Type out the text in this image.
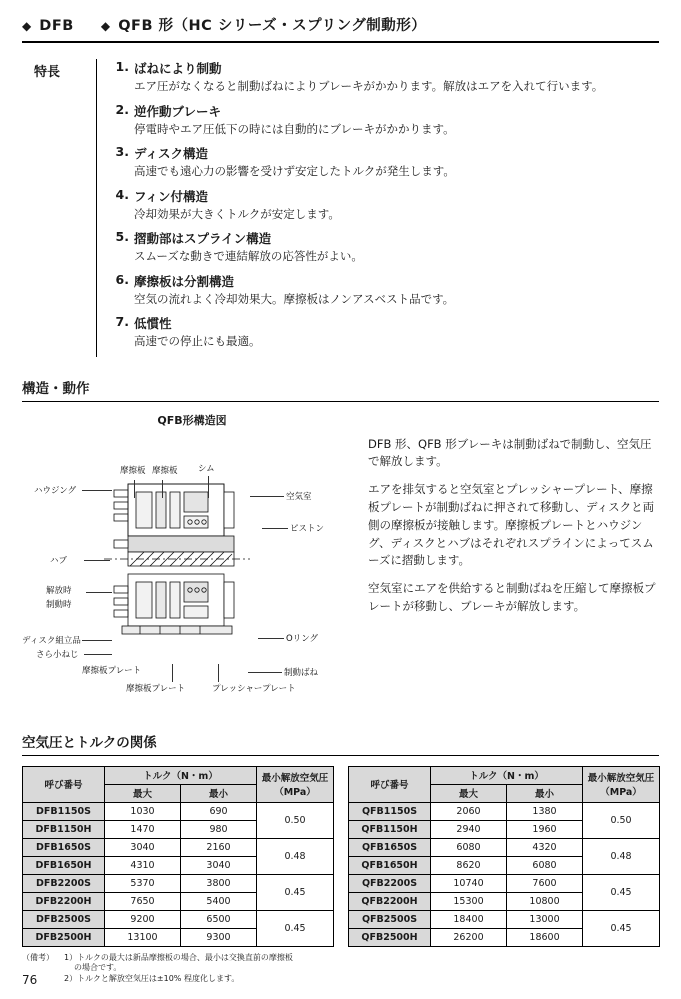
◆ DFB ◆ QFB 形（HC シリーズ・スプリング制動形）
特長	1. ばねにより制動
エア圧がなくなると制動ばねによりブレーキがかかります。解放はエアを入れて行います。
2. 逆作動ブレーキ
停電時やエア圧低下の時には自動的にブレーキがかかります。
3. ディスク構造
高速でも遠心力の影響を受けず安定したトルクが発生します。
4. フィン付構造
冷却効果が大きくトルクが安定します。
5. 摺動部はスプライン構造
スムーズな動きで連結解放の応答性がよい。
6. 摩擦板は分割構造
空気の流れよく冷却効果大。摩擦板はノンアスベスト品です。
7. 低慣性
高速での停止にも最適。
構造・動作
QFB形構造図
ハウジング
摩擦板 摩擦板 シム
空気室
ピストン
ハブ
解放時
制動時
ディスク組立品
さら小ねじ
摩擦板プレート
摩擦板プレート	プレッシャープレート
Oリング
制動ばね

DFB 形、QFB 形ブレーキは制動ばねで制動し、空気圧で解放します。

エアを排気すると空気室とプレッシャープレート、摩擦板プレートが制動ばねに押されて移動し、ディスクと両側の摩擦板が接触します。摩擦板プレートとハウジング、ディスクとハブはそれぞれスプラインによってスムーズに摺動します。

空気室にエアを供給すると制動ばねを圧縮して摩擦板プレートが移動し、ブレーキが解放します。

空気圧とトルクの関係
呼び番号	トルク（N・m）		最小解放空気圧
（MPa）

	最大	最小	
DFB1150S	1030	690	0.50
DFB1150H	1470	980	
DFB1650S	3040	2160	0.48
DFB1650H	4310	3040	
DFB2200S	5370	3800	0.45
DFB2200H	7650	5400	
DFB2500S	9200	6500	0.45
DFB2500H	13100	9300	
呼び番号	トルク（N・m）		最小解放空気圧
（MPa）

	最大	最小	
QFB1150S	2060	1380	0.50
QFB1150H	2940	1960	
QFB1650S	6080	4320	0.48
QFB1650H	8620	6080	
QFB2200S	10740	7600	0.45
QFB2200H	15300	10800	
QFB2500S	18400	13000	0.45
QFB2500H	26200	18600	
（備考）	1）トルクの最大は新品摩擦板の場合、最小は交換直前の摩擦板
の場合です。
2）トルクと解放空気圧は±10% 程度化します。
76
